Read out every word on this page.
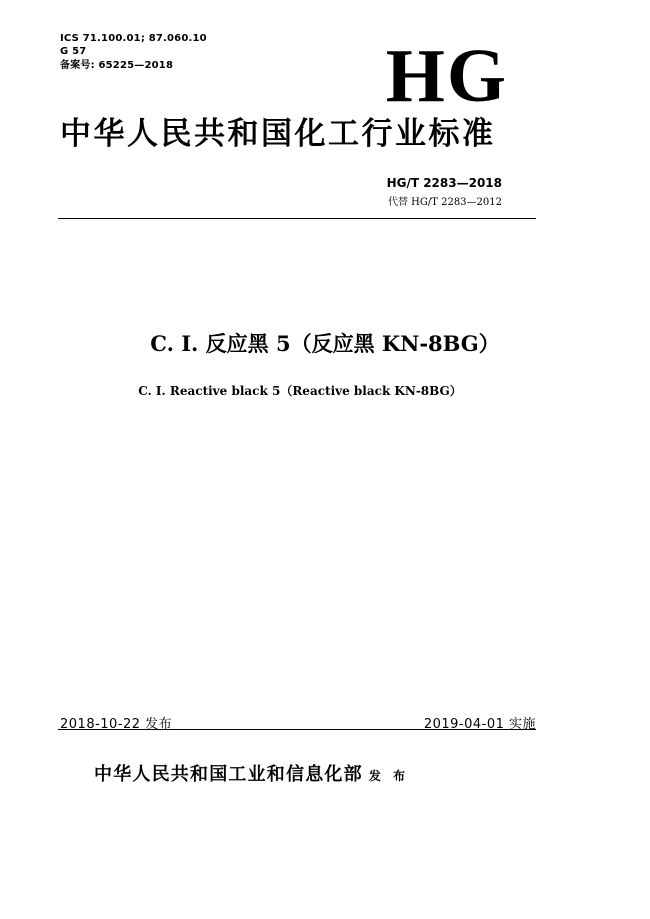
ICS 71.100.01; 87.060.10
G 57
备案号: 65225—2018	HG
中华人民共和国化工行业标准
HG/T 2283—2018
代替 HG/T 2283—2012
C. I. 反应黑 5（反应黑 KN-8BG）
C. I. Reactive black 5（Reactive black KN-8BG）
2018-10-22 发布	2019-04-01 实施
中华人民共和国工业和信息化部 发 布
